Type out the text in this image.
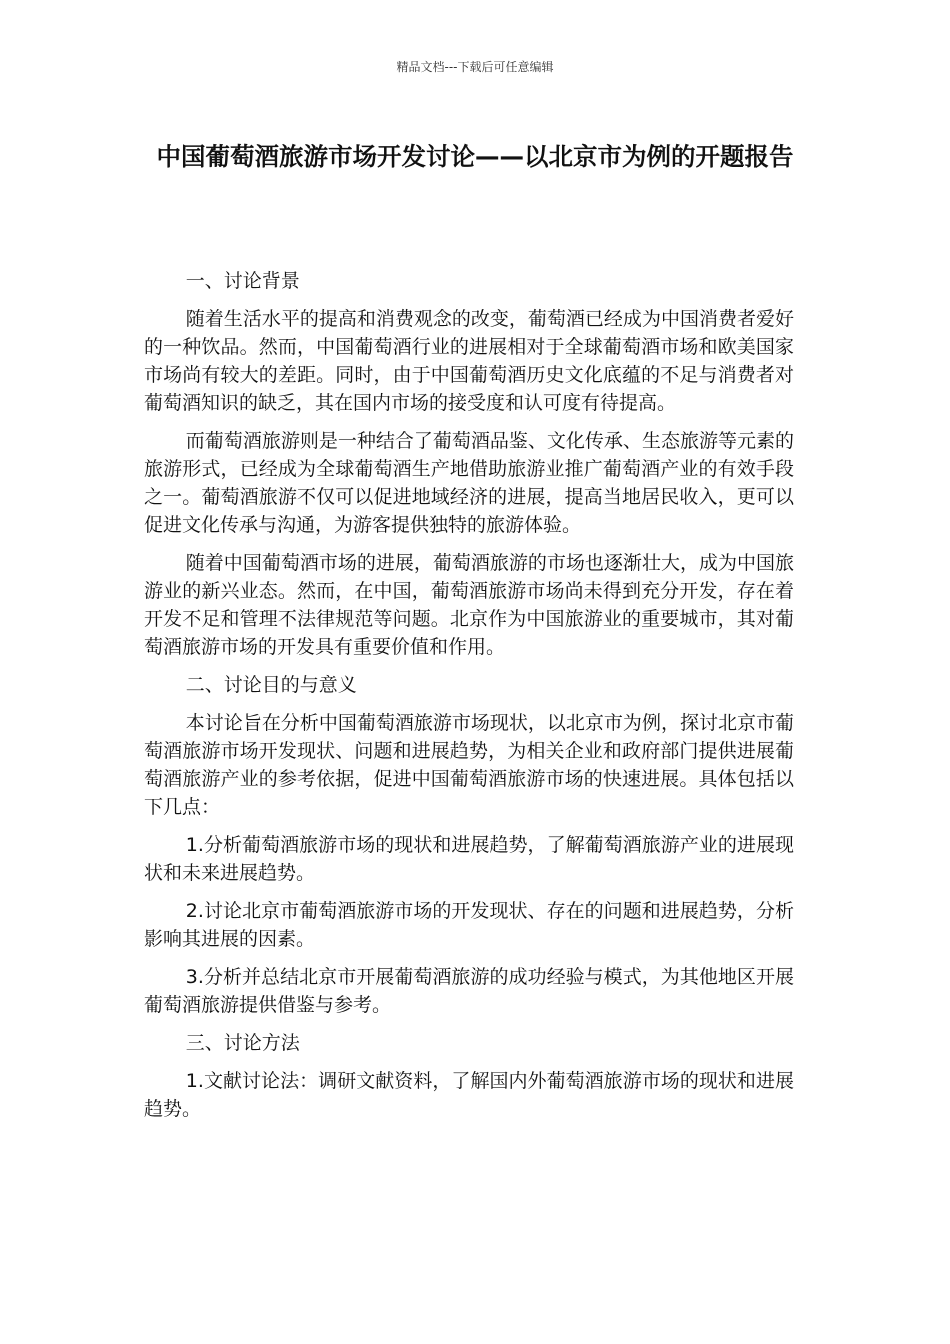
精品文档---下载后可任意编辑
中国葡萄酒旅游市场开发讨论——以北京市为例的开题报告

一、讨论背景

随着生活水平的提高和消费观念的改变，葡萄酒已经成为中国消费者爱好的一种饮品。然而，中国葡萄酒行业的进展相对于全球葡萄酒市场和欧美国家市场尚有较大的差距。同时，由于中国葡萄酒历史文化底蕴的不足与消费者对葡萄酒知识的缺乏，其在国内市场的接受度和认可度有待提高。

而葡萄酒旅游则是一种结合了葡萄酒品鉴、文化传承、生态旅游等元素的旅游形式，已经成为全球葡萄酒生产地借助旅游业推广葡萄酒产业的有效手段之一。葡萄酒旅游不仅可以促进地域经济的进展，提高当地居民收入，更可以促进文化传承与沟通，为游客提供独特的旅游体验。

随着中国葡萄酒市场的进展，葡萄酒旅游的市场也逐渐壮大，成为中国旅游业的新兴业态。然而，在中国，葡萄酒旅游市场尚未得到充分开发，存在着开发不足和管理不法律规范等问题。北京作为中国旅游业的重要城市，其对葡萄酒旅游市场的开发具有重要价值和作用。

二、讨论目的与意义

本讨论旨在分析中国葡萄酒旅游市场现状，以北京市为例，探讨北京市葡萄酒旅游市场开发现状、问题和进展趋势，为相关企业和政府部门提供进展葡萄酒旅游产业的参考依据，促进中国葡萄酒旅游市场的快速进展。具体包括以下几点：

1.分析葡萄酒旅游市场的现状和进展趋势，了解葡萄酒旅游产业的进展现状和未来进展趋势。

2.讨论北京市葡萄酒旅游市场的开发现状、存在的问题和进展趋势，分析影响其进展的因素。

3.分析并总结北京市开展葡萄酒旅游的成功经验与模式，为其他地区开展葡萄酒旅游提供借鉴与参考。

三、讨论方法

1.文献讨论法：调研文献资料，了解国内外葡萄酒旅游市场的现状和进展趋势。
